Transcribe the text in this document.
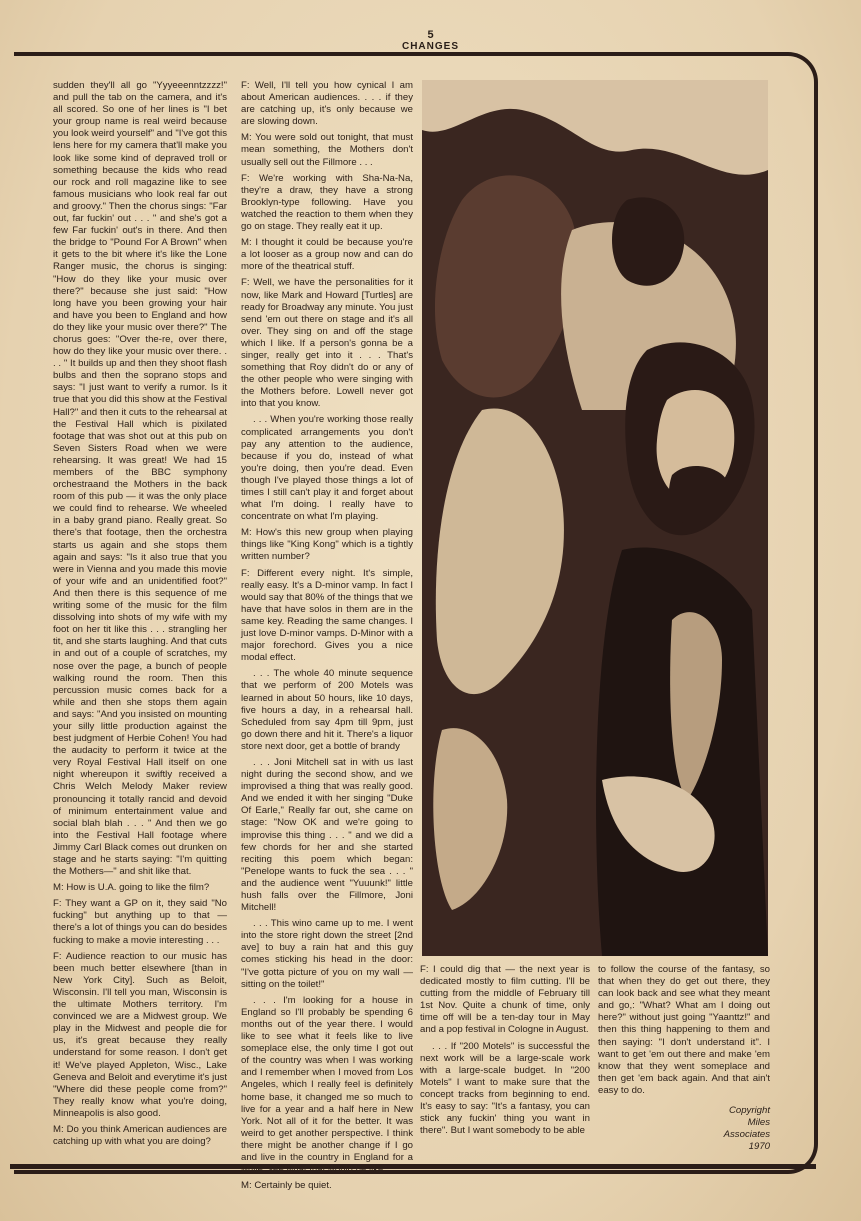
5
CHANGES

sudden they'll all go "Yyyeeenntzzzz!" and pull the tab on the camera, and it's all scored. So one of her lines is "I bet your group name is real weird because you look weird yourself" and "I've got this lens here for my camera that'll make you look like some kind of depraved troll or something because the kids who read our rock and roll magazine like to see famous musicians who look real far out and groovy." Then the chorus sings: "Far out, far fuckin' out . . . " and she's got a few Far fuckin' out's in there. And then the bridge to "Pound For A Brown" when it gets to the bit where it's like the Lone Ranger music, the chorus is singing: "How do they like your music over there?" because she just said: "How long have you been growing your hair and have you been to England and how do they like your music over there?" The chorus goes: "Over the-re, over there, how do they like your music over there. . . . " It builds up and then they shoot flash bulbs and then the soprano stops and says: "I just want to verify a rumor. Is it true that you did this show at the Festival Hall?" and then it cuts to the rehearsal at the Festival Hall which is pixilated footage that was shot out at this pub on Seven Sisters Road when we were rehearsing. It was great! We had 15 members of the BBC symphony orchestraand the Mothers in the back room of this pub — it was the only place we could find to rehearse. We wheeled in a baby grand piano. Really great. So there's that footage, then the orchestra starts us again and she stops them again and says: "Is it also true that you were in Vienna and you made this movie of your wife and an unidentified foot?" And then there is this sequence of me writing some of the music for the film dissolving into shots of my wife with my foot on her tit like this . . . strangling her tit, and she starts laughing. And that cuts in and out of a couple of scratches, my nose over the page, a bunch of people walking round the room. Then this percussion music comes back for a while and then she stops them again and says: "And you insisted on mounting your silly little production against the best judgment of Herbie Cohen! You had the audacity to perform it twice at the very Royal Festival Hall itself on one night whereupon it swiftly received a Chris Welch Melody Maker review pronouncing it totally rancid and devoid of minimum entertainment value and social blah blah . . . " And then we go into the Festival Hall footage where Jimmy Carl Black comes out drunken on stage and he starts saying: "I'm quitting the Mothers—" and shit like that.

M: How is U.A. going to like the film?

F: They want a GP on it, they said "No fucking" but anything up to that — there's a lot of things you can do besides fucking to make a movie interesting . . .

F: Audience reaction to our music has been much better elsewhere [than in New York City]. Such as Beloit, Wisconsin. I'll tell you man, Wisconsin is the ultimate Mothers territory. I'm convinced we are a Midwest group. We play in the Midwest and people die for us, it's great because they really understand for some reason. I don't get it! We've played Appleton, Wisc., Lake Geneva and Beloit and everytime it's just "Where did these people come from?" They really know what you're doing, Minneapolis is also good.

M: Do you think American audiences are catching up with what you are doing?

F: Well, I'll tell you how cynical I am about American audiences. . . . if they are catching up, it's only because we are slowing down.

M: You were sold out tonight, that must mean something, the Mothers don't usually sell out the Fillmore . . .

F: We're working with Sha-Na-Na, they're a draw, they have a strong Brooklyn-type following. Have you watched the reaction to them when they go on stage. They really eat it up.

M: I thought it could be because you're a lot looser as a group now and can do more of the theatrical stuff.

F: Well, we have the personalities for it now, like Mark and Howard [Turtles] are ready for Broadway any minute. You just send 'em out there on stage and it's all over. They sing on and off the stage which I like. If a person's gonna be a singer, really get into it . . . That's something that Roy didn't do or any of the other people who were singing with the Mothers before. Lowell never got into that you know.

. . . When you're working those really complicated arrangements you don't pay any attention to the audience, because if you do, instead of what you're doing, then you're dead. Even though I've played those things a lot of times I still can't play it and forget about what I'm doing. I really have to concentrate on what I'm playing.

M: How's this new group when playing things like "King Kong" which is a tightly written number?

F: Different every night. It's simple, really easy. It's a D-minor vamp. In fact I would say that 80% of the things that we have that have solos in them are in the same key. Reading the same changes. I just love D-minor vamps. D-Minor with a major forechord. Gives you a nice modal effect.

. . . The whole 40 minute sequence that we perform of 200 Motels was learned in about 50 hours, like 10 days, five hours a day, in a rehearsal hall. Scheduled from say 4pm till 9pm, just go down there and hit it. There's a liquor store next door, get a bottle of brandy

. . . Joni Mitchell sat in with us last night during the second show, and we improvised a thing that was really good. And we ended it with her singing "Duke Of Earle," Really far out, she came on stage: "Now OK and we're going to improvise this thing . . . " and we did a few chords for her and she started reciting this poem which began: "Penelope wants to fuck the sea . . . " and the audience went "Yuuunk!" little hush falls over the Fillmore, Joni Mitchell!

. . . This wino came up to me. I went into the store right down the street [2nd ave] to buy a rain hat and this guy comes sticking his head in the door: "I've gotta picture of you on my wall — sitting on the toilet!"

. . . I'm looking for a house in England so I'll probably be spending 6 months out of the year there. I would like to see what it feels like to live someplace else, the only time I got out of the country was when I was working and I remember when I moved from Los Angeles, which I really feel is definitely home base, it changed me so much to live for a year and a half here in New York. Not all of it for the better. It was weird to get another perspective. I think there might be another change if I go and live in the country in England for a while, see what that would be like.

M: Certainly be quiet.

F: I could dig that — the next year is dedicated mostly to film cutting. I'll be cutting from the middle of February till 1st Nov. Quite a chunk of time, only time off will be a ten-day tour in May and a pop festival in Cologne in August.

. . . If "200 Motels" is successful the next work will be a large-scale work with a large-scale budget. In "200 Motels" I want to make sure that the concept tracks from beginning to end. It's easy to say: "It's a fantasy, you can stick any fuckin' thing you want in there". But I want somebody to be able

to follow the course of the fantasy, so that when they do get out there, they can look back and see what they meant and go,: "What? What am I doing out here?" without just going "Yaanttz!" and then this thing happening to them and then saying: "I don't understand it". I want to get 'em out there and make 'em know that they went someplace and then get 'em back again. And that ain't easy to do.

Copyright
Miles
Associates
1970
